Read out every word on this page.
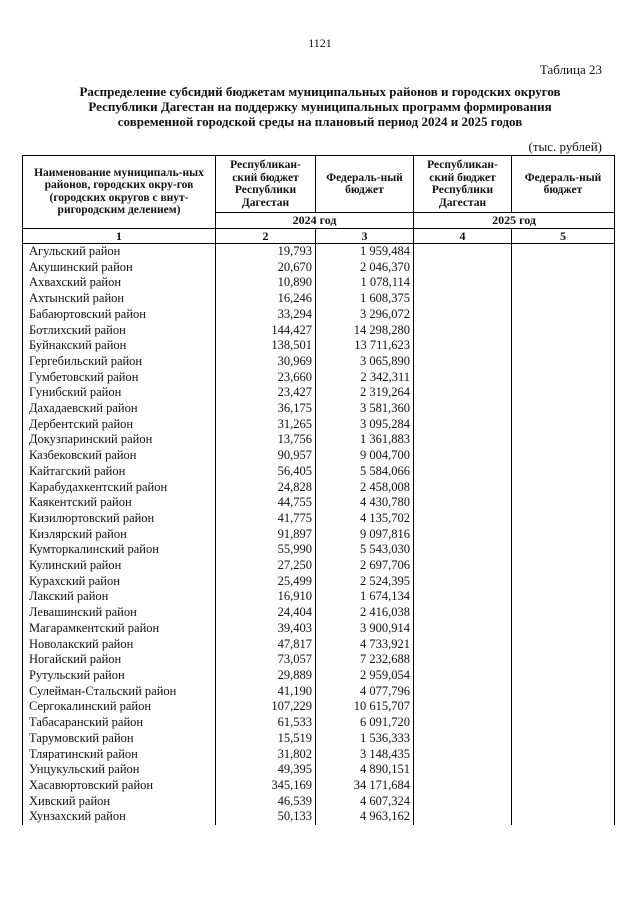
1121
Таблица 23
Распределение субсидий бюджетам муниципальных районов и городских округов
Республики Дагестан на поддержку муниципальных программ формирования
современной городской среды на плановый период 2024 и 2025 годов
(тыс. рублей)
Наименование муниципаль-ных районов, городских окру-гов (городских округов с внут-ригородским делением)	Республикан-ский бюджет Республики Дагестан	Федераль-ный бюджет	Республикан-ский бюджет Республики Дагестан	Федераль-ный бюджет
	2024 год		2025 год	
1	2	3	4	5
Агульский район	19,793	1 959,484		
Акушинский район	20,670	2 046,370		
Ахвахский район	10,890	1 078,114		
Ахтынский район	16,246	1 608,375		
Бабаюртовский район	33,294	3 296,072		
Ботлихский район	144,427	14 298,280		
Буйнакский район	138,501	13 711,623		
Гергебильский район	30,969	3 065,890		
Гумбетовский район	23,660	2 342,311		
Гунибский район	23,427	2 319,264		
Дахадаевский район	36,175	3 581,360		
Дербентский район	31,265	3 095,284		
Докузпаринский район	13,756	1 361,883		
Казбековский район	90,957	9 004,700		
Кайтагский район	56,405	5 584,066		
Карабудахкентский район	24,828	2 458,008		
Каякентский район	44,755	4 430,780		
Кизилюртовский район	41,775	4 135,702		
Кизлярский район	91,897	9 097,816		
Кумторкалинский район	55,990	5 543,030		
Кулинский район	27,250	2 697,706		
Курахский район	25,499	2 524,395		
Лакский район	16,910	1 674,134		
Левашинский район	24,404	2 416,038		
Магарамкентский район	39,403	3 900,914		
Новолакский район	47,817	4 733,921		
Ногайский район	73,057	7 232,688		
Рутульский район	29,889	2 959,054		
Сулейман-Стальский район	41,190	4 077,796		
Сергокалинский район	107,229	10 615,707		
Табасаранский район	61,533	6 091,720		
Тарумовский район	15,519	1 536,333		
Тляратинский район	31,802	3 148,435		
Унцукульский район	49,395	4 890,151		
Хасавюртовский район	345,169	34 171,684		
Хивский район	46,539	4 607,324		
Хунзахский район	50,133	4 963,162		
